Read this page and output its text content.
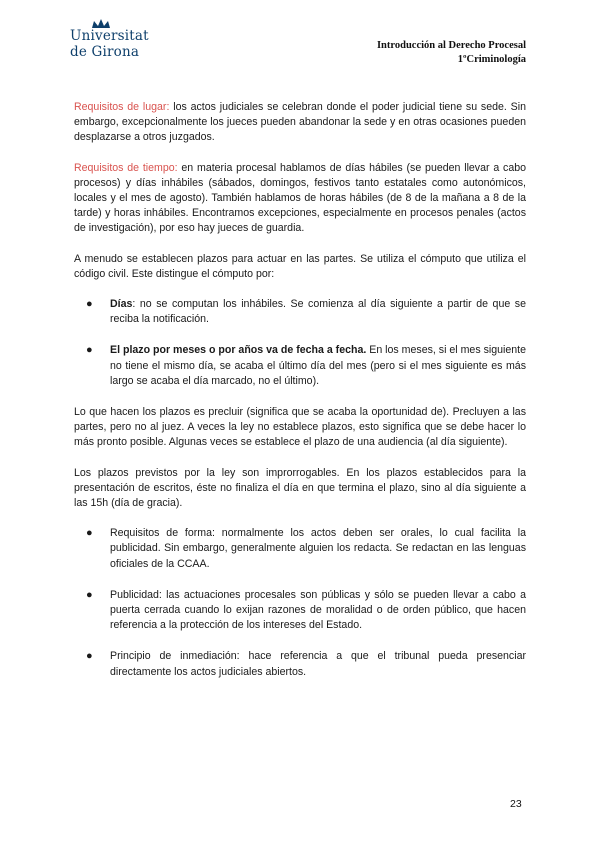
Universitat
de Girona	Introducción al Derecho Procesal
1ºCriminología

Requisitos de lugar: los actos judiciales se celebran donde el poder judicial tiene su sede. Sin embargo, excepcionalmente los jueces pueden abandonar la sede y en otras ocasiones pueden desplazarse a otros juzgados.

Requisitos de tiempo: en materia procesal hablamos de días hábiles (se pueden llevar a cabo procesos) y días inhábiles (sábados, domingos, festivos tanto estatales como autonómicos, locales y el mes de agosto). También hablamos de horas hábiles (de 8 de la mañana a 8 de la tarde) y horas inhábiles. Encontramos excepciones, especialmente en procesos penales (actos de investigación), por eso hay jueces de guardia.

A menudo se establecen plazos para actuar en las partes. Se utiliza el cómputo que utiliza el código civil. Este distingue el cómputo por:

● Días: no se computan los inhábiles. Se comienza al día siguiente a partir de que se reciba la notificación.
● El plazo por meses o por años va de fecha a fecha. En los meses, si el mes siguiente no tiene el mismo día, se acaba el último día del mes (pero si el mes siguiente es más largo se acaba el día marcado, no el último).

Lo que hacen los plazos es precluir (significa que se acaba la oportunidad de). Precluyen a las partes, pero no al juez. A veces la ley no establece plazos, esto significa que se debe hacer lo más pronto posible. Algunas veces se establece el plazo de una audiencia (al día siguiente).

Los plazos previstos por la ley son improrrogables. En los plazos establecidos para la presentación de escritos, éste no finaliza el día en que termina el plazo, sino al día siguiente a las 15h (día de gracia).

● Requisitos de forma: normalmente los actos deben ser orales, lo cual facilita la publicidad. Sin embargo, generalmente alguien los redacta. Se redactan en las lenguas oficiales de la CCAA.
● Publicidad: las actuaciones procesales son públicas y sólo se pueden llevar a cabo a puerta cerrada cuando lo exijan razones de moralidad o de orden público, que hacen referencia a la protección de los intereses del Estado.
● Principio de inmediación: hace referencia a que el tribunal pueda presenciar directamente los actos judiciales abiertos.
23
